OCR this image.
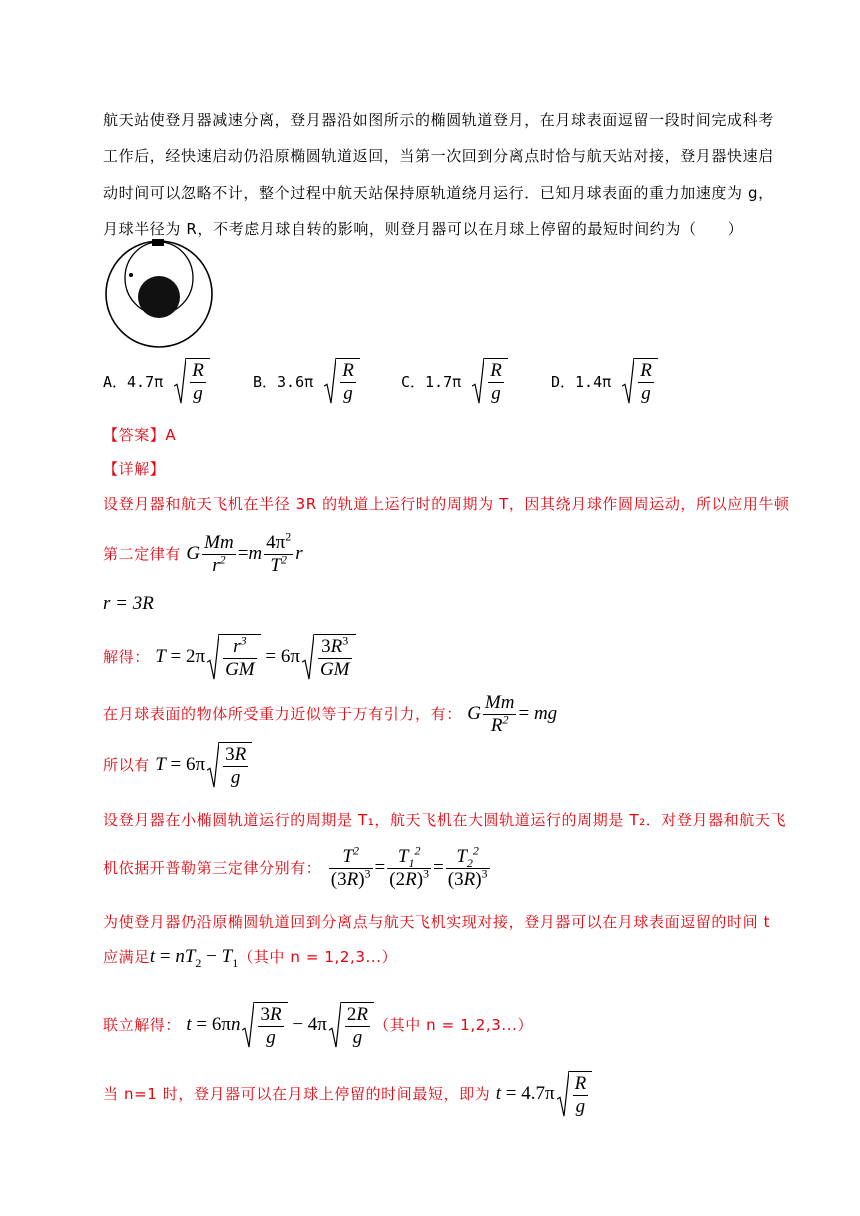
航天站使登月器减速分离，登月器沿如图所示的椭圆轨道登月，在月球表面逗留一段时间完成科考
工作后，经快速启动仍沿原椭圆轨道返回，当第一次回到分离点时恰与航天站对接，登月器快速启
动时间可以忽略不计，整个过程中航天站保持原轨道绕月运行．已知月球表面的重力加速度为 g，
月球半径为 R，不考虑月球自转的影响，则登月器可以在月球上停留的最短时间约为（　　）
A．$4.7\pi \frac{R}{g}$	B．$3.6\pi \frac{R}{g}$	C．$1.7\pi \frac{R}{g}$	D．$1.4\pi \frac{R}{g}$
【答案】A
【详解】
设登月器和航天飞机在半径 3R 的轨道上运行时的周期为 T，因其绕月球作圆周运动，所以应用牛顿
第二定律有 G $\frac{Mm}{r^2} =m \frac{4\pi^2}{T^2}$ r
r = 3R
解得： $T = 2\pi \frac{r^3}{GM} = 6\pi \frac{3R^3}{GM}$
在月球表面的物体所受重力近似等于万有引力，有： G $\frac{Mm}{R^2}$ = mg
所以有 $T = 6\pi \frac{3R}{g}$
设登月器在小椭圆轨道运行的周期是 T₁，航天飞机在大圆轨道运行的周期是 T₂．对登月器和航天飞
机依据开普勒第三定律分别有： $\frac{T^2}{(3R)^3} = \frac{T_1^2}{(2R)^3} = \frac{T_2^2}{(3R)^3}$
为使登月器仍沿原椭圆轨道回到分离点与航天飞机实现对接，登月器可以在月球表面逗留的时间 t
应满足$t = nT_2 - T_1$（其中 n = 1,2,3...）
联立解得： $t = 6\pi n \frac{3R}{g} - 4\pi \frac{2R}{g}$ （其中 n = 1,2,3...）
当 n=1 时，登月器可以在月球上停留的时间最短，即为 $t = 4.7\pi \frac{R}{g}$
